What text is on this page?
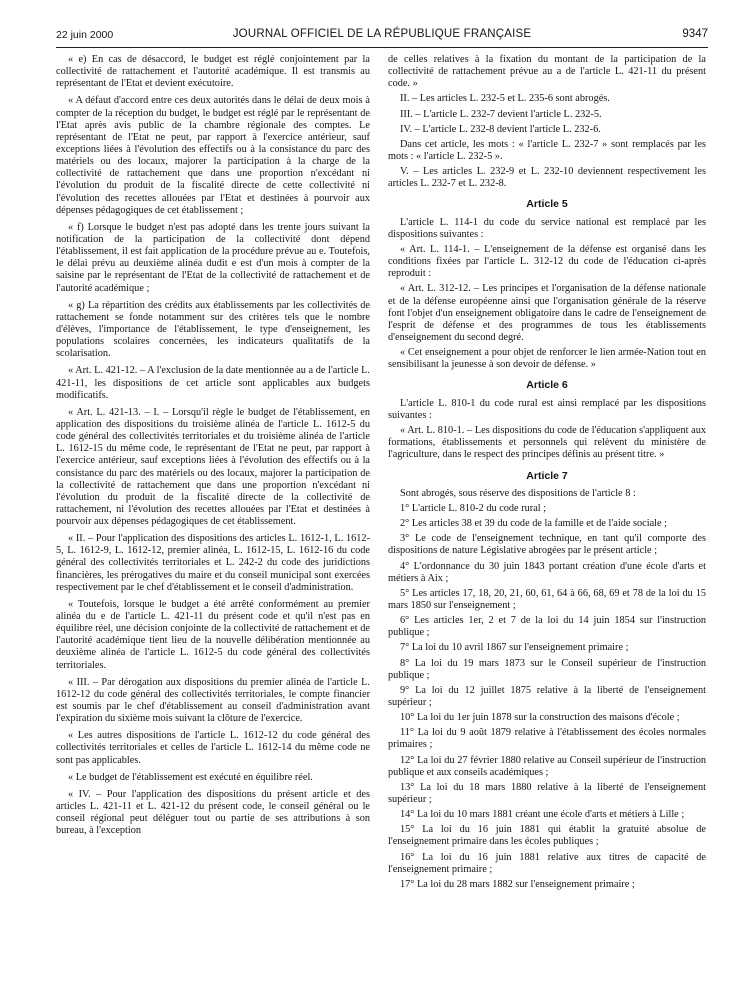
22 juin 2000	JOURNAL OFFICIEL DE LA RÉPUBLIQUE FRANÇAISE	9347

« e) En cas de désaccord, le budget est réglé conjointement par la collectivité de rattachement et l'autorité académique. Il est transmis au représentant de l'Etat et devient exécutoire.

« A défaut d'accord entre ces deux autorités dans le délai de deux mois à compter de la réception du budget, le budget est réglé par le représentant de l'Etat après avis public de la chambre régionale des comptes. Le représentant de l'Etat ne peut, par rapport à l'exercice antérieur, sauf exceptions liées à l'évolution des effectifs ou à la consistance du parc des matériels ou des locaux, majorer la participation à la charge de la collectivité de rattachement que dans une proportion n'excédant ni l'évolution du produit de la fiscalité directe de cette collectivité ni l'évolution des recettes allouées par l'Etat et destinées à pourvoir aux dépenses pédagogiques de cet établissement ;

« f) Lorsque le budget n'est pas adopté dans les trente jours suivant la notification de la participation de la collectivité dont dépend l'établissement, il est fait application de la procédure prévue au e. Toutefois, le délai prévu au deuxième alinéa dudit e est d'un mois à compter de la saisine par le représentant de l'Etat de la collectivité de rattachement et de l'autorité académique ;

« g) La répartition des crédits aux établissements par les collectivités de rattachement se fonde notamment sur des critères tels que le nombre d'élèves, l'importance de l'établissement, le type d'enseignement, les populations scolaires concernées, les indicateurs qualitatifs de la scolarisation.

« Art. L. 421-12. – A l'exclusion de la date mentionnée au a de l'article L. 421-11, les dispositions de cet article sont applicables aux budgets modificatifs.

« Art. L. 421-13. – I. – Lorsqu'il règle le budget de l'établissement, en application des dispositions du troisième alinéa de l'article L. 1612-5 du code général des collectivités territoriales et du troisième alinéa de l'article L. 1612-15 du même code, le représentant de l'Etat ne peut, par rapport à l'exercice antérieur, sauf exceptions liées à l'évolution des effectifs ou à la consistance du parc des matériels ou des locaux, majorer la participation de la collectivité de rattachement que dans une proportion n'excédant ni l'évolution du produit de la fiscalité directe de la collectivité de rattachement, ni l'évolution des recettes allouées par l'Etat et destinées à pourvoir aux dépenses pédagogiques de cet établissement.

« II. – Pour l'application des dispositions des articles L. 1612-1, L. 1612-5, L. 1612-9, L. 1612-12, premier alinéa, L. 1612-15, L. 1612-16 du code général des collectivités territoriales et L. 242-2 du code des juridictions financières, les prérogatives du maire et du conseil municipal sont exercées respectivement par le chef d'établissement et le conseil d'administration.

« Toutefois, lorsque le budget a été arrêté conformément au premier alinéa du e de l'article L. 421-11 du présent code et qu'il n'est pas en équilibre réel, une décision conjointe de la collectivité de rattachement et de l'autorité académique tient lieu de la nouvelle délibération mentionnée au deuxième alinéa de l'article L. 1612-5 du code général des collectivités territoriales.

« III. – Par dérogation aux dispositions du premier alinéa de l'article L. 1612-12 du code général des collectivités territoriales, le compte financier est soumis par le chef d'établissement au conseil d'administration avant l'expiration du sixième mois suivant la clôture de l'exercice.

« Les autres dispositions de l'article L. 1612-12 du code général des collectivités territoriales et celles de l'article L. 1612-14 du même code ne sont pas applicables.

« Le budget de l'établissement est exécuté en équilibre réel.

« IV. – Pour l'application des dispositions du présent article et des articles L. 421-11 et L. 421-12 du présent code, le conseil général ou le conseil régional peut déléguer tout ou partie de ses attributions à son bureau, à l'exception

de celles relatives à la fixation du montant de la participation de la collectivité de rattachement prévue au a de l'article L. 421-11 du présent code. »

II. – Les articles L. 232-5 et L. 235-6 sont abrogés.

III. – L'article L. 232-7 devient l'article L. 232-5.

IV. – L'article L. 232-8 devient l'article L. 232-6.

Dans cet article, les mots : « l'article L. 232-7 » sont remplacés par les mots : « l'article L. 232-5 ».

V. – Les articles L. 232-9 et L. 232-10 deviennent respectivement les articles L. 232-7 et L. 232-8.

Article 5

L'article L. 114-1 du code du service national est remplacé par les dispositions suivantes :

« Art. L. 114-1. – L'enseignement de la défense est organisé dans les conditions fixées par l'article L. 312-12 du code de l'éducation ci-après reproduit :

« Art. L. 312-12. – Les principes et l'organisation de la défense nationale et de la défense européenne ainsi que l'organisation générale de la réserve font l'objet d'un enseignement obligatoire dans le cadre de l'enseignement de l'esprit de défense et des programmes de tous les établissements d'enseignement du second degré.

« Cet enseignement a pour objet de renforcer le lien armée-Nation tout en sensibilisant la jeunesse à son devoir de défense. »

Article 6

L'article L. 810-1 du code rural est ainsi remplacé par les dispositions suivantes :

« Art. L. 810-1. – Les dispositions du code de l'éducation s'appliquent aux formations, établissements et personnels qui relèvent du ministère de l'agriculture, dans le respect des principes définis au présent titre. »

Article 7

Sont abrogés, sous réserve des dispositions de l'article 8 :

1° L'article L. 810-2 du code rural ;

2° Les articles 38 et 39 du code de la famille et de l'aide sociale ;

3° Le code de l'enseignement technique, en tant qu'il comporte des dispositions de nature Législative abrogées par le présent article ;

4° L'ordonnance du 30 juin 1843 portant création d'une école d'arts et métiers à Aix ;

5° Les articles 17, 18, 20, 21, 60, 61, 64 à 66, 68, 69 et 78 de la loi du 15 mars 1850 sur l'enseignement ;

6° Les articles 1er, 2 et 7 de la loi du 14 juin 1854 sur l'instruction publique ;

7° La loi du 10 avril 1867 sur l'enseignement primaire ;

8° La loi du 19 mars 1873 sur le Conseil supérieur de l'instruction publique ;

9° La loi du 12 juillet 1875 relative à la liberté de l'enseignement supérieur ;

10° La loi du 1er juin 1878 sur la construction des maisons d'école ;

11° La loi du 9 août 1879 relative à l'établissement des écoles normales primaires ;

12° La loi du 27 février 1880 relative au Conseil supérieur de l'instruction publique et aux conseils académiques ;

13° La loi du 18 mars 1880 relative à la liberté de l'enseignement supérieur ;

14° La loi du 10 mars 1881 créant une école d'arts et métiers à Lille ;

15° La loi du 16 juin 1881 qui établit la gratuité absolue de l'enseignement primaire dans les écoles publiques ;

16° La loi du 16 juin 1881 relative aux titres de capacité de l'enseignement primaire ;

17° La loi du 28 mars 1882 sur l'enseignement primaire ;
